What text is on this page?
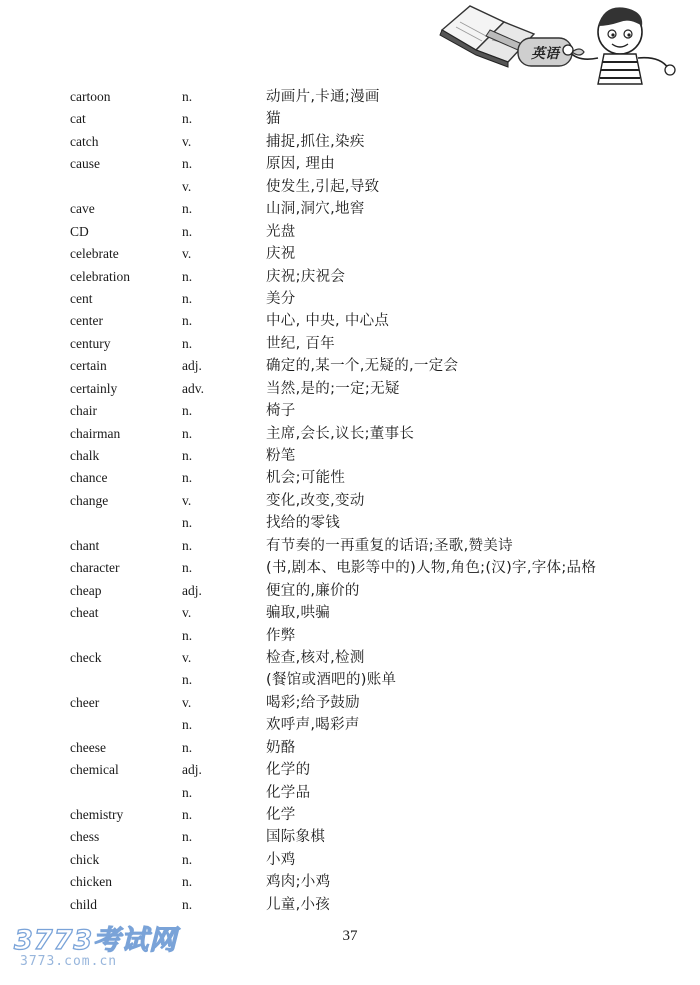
英语
cartoon	n.	动画片,卡通;漫画
cat	n.	猫
catch	v.	捕捉,抓住,染疾
cause	n.	原因, 理由
v.	使发生,引起,导致
cave	n.	山洞,洞穴,地窖
CD	n.	光盘
celebrate	v.	庆祝
celebration	n.	庆祝;庆祝会
cent	n.	美分
center	n.	中心, 中央, 中心点
century	n.	世纪, 百年
certain	adj.	确定的,某一个,无疑的,一定会
certainly	adv.	当然,是的;一定;无疑
chair	n.	椅子
chairman	n.	主席,会长,议长;董事长
chalk	n.	粉笔
chance	n.	机会;可能性
change	v.	变化,改变,变动
n.	找给的零钱
chant	n.	有节奏的一再重复的话语;圣歌,赞美诗
character	n.	(书,剧本、电影等中的)人物,角色;(汉)字,字体;品格
cheap	adj.	便宜的,廉价的
cheat	v.	骗取,哄骗
n.	作弊
check	v.	检查,核对,检测
n.	(餐馆或酒吧的)账单
cheer	v.	喝彩;给予鼓励
n.	欢呼声,喝彩声
cheese	n.	奶酪
chemical	adj.	化学的
n.	化学品
chemistry	n.	化学
chess	n.	国际象棋
chick	n.	小鸡
chicken	n.	鸡肉;小鸡
child	n.	儿童,小孩
37
3773考试网
3773.com.cn
